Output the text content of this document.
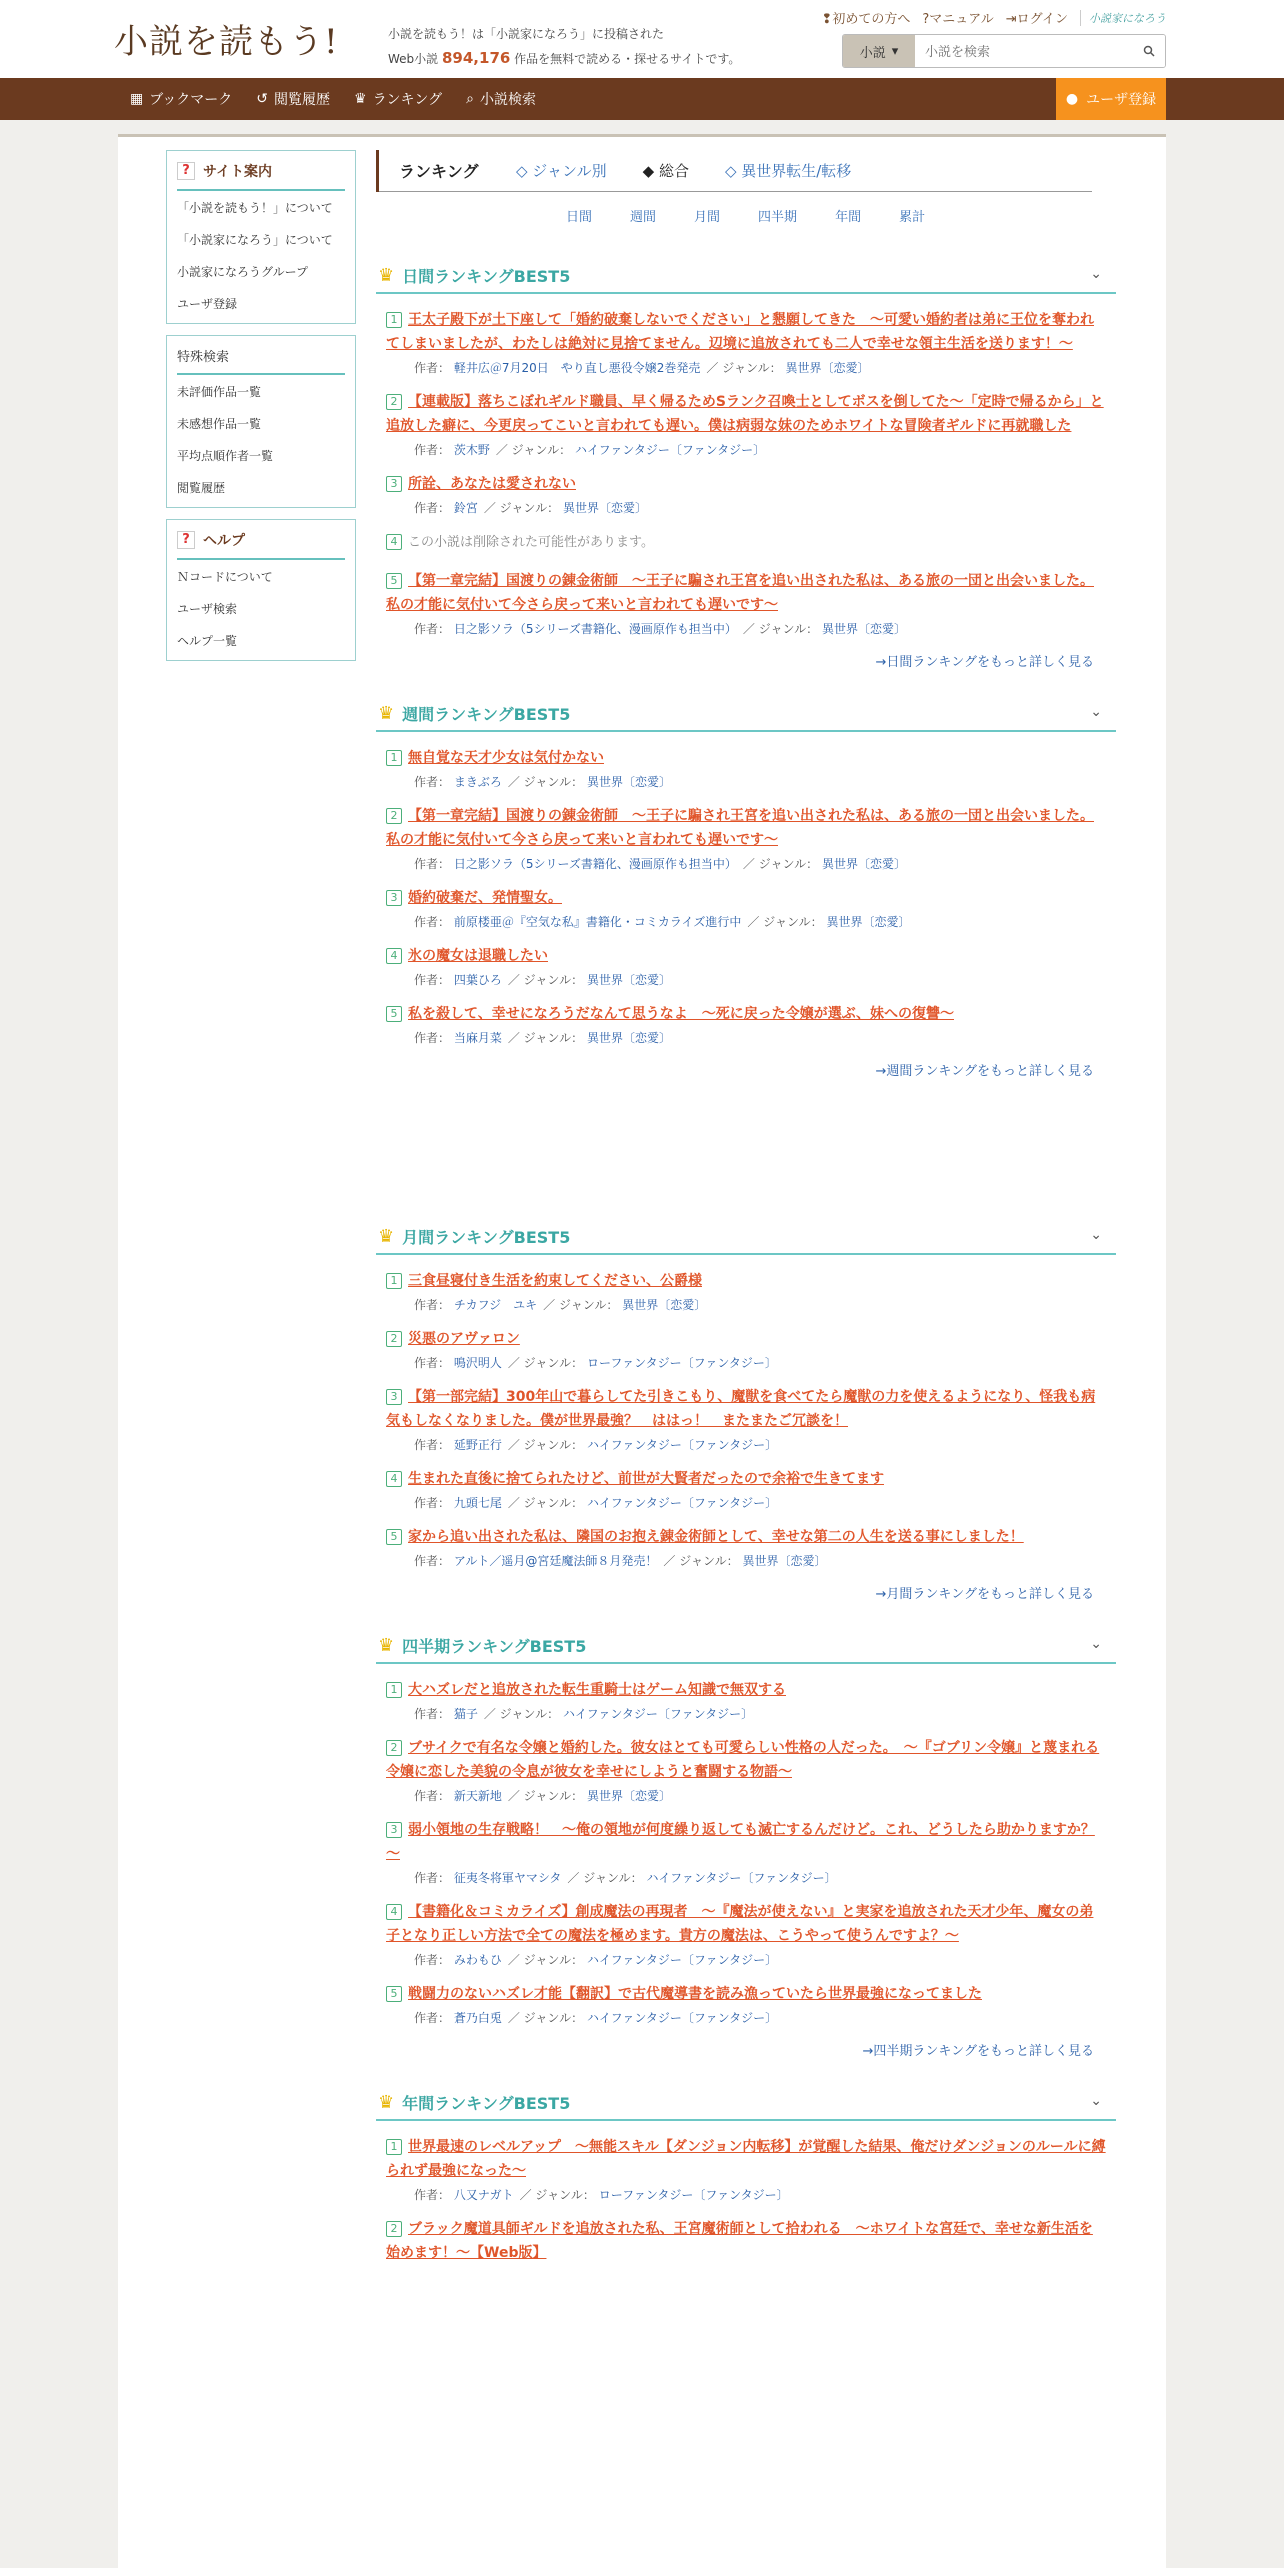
小説を読もう!	小説を読もう！は「小説家になろう」に投稿された
Web小説 894,176 作品を無料で読める・探せるサイトです。
❢初めての方へ ?マニュアル ⇥ログイン	小説家になろう
小説 ▾
小説を検索
▦ ブックマーク ↺ 閲覧履歴 ♛ ランキング ⌕ 小説検索	● ユーザ登録
? サイト案内
「小説を読もう！」について
「小説家になろう」について
小説家になろうグループ
ユーザ登録
特殊検索
未評価作品一覧
未感想作品一覧
平均点順作者一覧
閲覧履歴
? ヘルプ
Ｎコードについて
ユーザ検索
ヘルプ一覧
ランキング	◇ ジャンル別 ◆ 総合 ◇ 異世界転生/転移
日間	週間	月間	四半期	年間	累計
♛ 日間ランキングBEST5	⌄
1 王太子殿下が土下座して「婚約破棄しないでください」と懇願してきた　～可愛い婚約者は弟に王位を奪われてしまいましたが、わたしは絶対に見捨てません。辺境に追放されても二人で幸せな領主生活を送ります！～
作者： 軽井広＠7月20日　やり直し悪役令嬢2巻発売 ／ ジャンル： 異世界〔恋愛〕
2 【連載版】落ちこぼれギルド職員、早く帰るためSランク召喚士としてボスを倒してた〜「定時で帰るから」と追放した癖に、今更戻ってこいと言われても遅い。僕は病弱な妹のためホワイトな冒険者ギルドに再就職した
作者： 茨木野 ／ ジャンル： ハイファンタジー〔ファンタジー〕
3 所詮、あなたは愛されない
作者： 鈴宮 ／ ジャンル： 異世界〔恋愛〕
4 この小説は削除された可能性があります。
5 【第一章完結】国渡りの錬金術師　～王子に騙され王宮を追い出された私は、ある旅の一団と出会いました。私の才能に気付いて今さら戻って来いと言われても遅いです～
作者： 日之影ソラ（5シリーズ書籍化、漫画原作も担当中） ／ ジャンル： 異世界〔恋愛〕
→日間ランキングをもっと詳しく見る
♛ 週間ランキングBEST5	⌄
1 無自覚な天才少女は気付かない
作者： まきぶろ ／ ジャンル： 異世界〔恋愛〕
2 【第一章完結】国渡りの錬金術師　～王子に騙され王宮を追い出された私は、ある旅の一団と出会いました。私の才能に気付いて今さら戻って来いと言われても遅いです～
作者： 日之影ソラ（5シリーズ書籍化、漫画原作も担当中） ／ ジャンル： 異世界〔恋愛〕
3 婚約破棄だ、発情聖女。
作者： 前原楼亜＠『空気な私』書籍化・コミカライズ進行中 ／ ジャンル： 異世界〔恋愛〕
4 氷の魔女は退職したい
作者： 四葉ひろ ／ ジャンル： 異世界〔恋愛〕
5 私を殺して、幸せになろうだなんて思うなよ　～死に戻った令嬢が選ぶ、妹への復讐～
作者： 当麻月菜 ／ ジャンル： 異世界〔恋愛〕
→週間ランキングをもっと詳しく見る
♛ 月間ランキングBEST5	⌄
1 三食昼寝付き生活を約束してください、公爵様
作者： チカフジ　ユキ ／ ジャンル： 異世界〔恋愛〕
2 災悪のアヴァロン
作者： 鳴沢明人 ／ ジャンル： ローファンタジー〔ファンタジー〕
3 【第一部完結】300年山で暮らしてた引きこもり、魔獣を食べてたら魔獣の力を使えるようになり、怪我も病気もしなくなりました。僕が世界最強？　ははっ！　またまたご冗談を！
作者： 延野正行 ／ ジャンル： ハイファンタジー〔ファンタジー〕
4 生まれた直後に捨てられたけど、前世が大賢者だったので余裕で生きてます
作者： 九頭七尾 ／ ジャンル： ハイファンタジー〔ファンタジー〕
5 家から追い出された私は、隣国のお抱え錬金術師として、幸せな第二の人生を送る事にしました！
作者： アルト／遥月@宮廷魔法師８月発売！ ／ ジャンル： 異世界〔恋愛〕
→月間ランキングをもっと詳しく見る
♛ 四半期ランキングBEST5	⌄
1 大ハズレだと追放された転生重騎士はゲーム知識で無双する
作者： 猫子 ／ ジャンル： ハイファンタジー〔ファンタジー〕
2 ブサイクで有名な令嬢と婚約した。彼女はとても可愛らしい性格の人だった。　～『ゴブリン令嬢』と蔑まれる令嬢に恋した美貌の令息が彼女を幸せにしようと奮闘する物語～
作者： 新天新地 ／ ジャンル： 異世界〔恋愛〕
3 弱小領地の生存戦略！　～俺の領地が何度繰り返しても滅亡するんだけど。これ、どうしたら助かりますか？～
作者： 征夷冬将軍ヤマシタ ／ ジャンル： ハイファンタジー〔ファンタジー〕
4 【書籍化＆コミカライズ】創成魔法の再現者　～『魔法が使えない』と実家を追放された天才少年、魔女の弟子となり正しい方法で全ての魔法を極めます。貴方の魔法は、こうやって使うんですよ？～
作者： みわもひ ／ ジャンル： ハイファンタジー〔ファンタジー〕
5 戦闘力のないハズレ才能【翻訳】で古代魔導書を読み漁っていたら世界最強になってました
作者： 蒼乃白兎 ／ ジャンル： ハイファンタジー〔ファンタジー〕
→四半期ランキングをもっと詳しく見る
♛ 年間ランキングBEST5	⌄
1 世界最速のレベルアップ　～無能スキル【ダンジョン内転移】が覚醒した結果、俺だけダンジョンのルールに縛られず最強になった～
作者： 八又ナガト ／ ジャンル： ローファンタジー〔ファンタジー〕
2 ブラック魔道具師ギルドを追放された私、王宮魔術師として拾われる　～ホワイトな宮廷で、幸せな新生活を始めます！～【Web版】
